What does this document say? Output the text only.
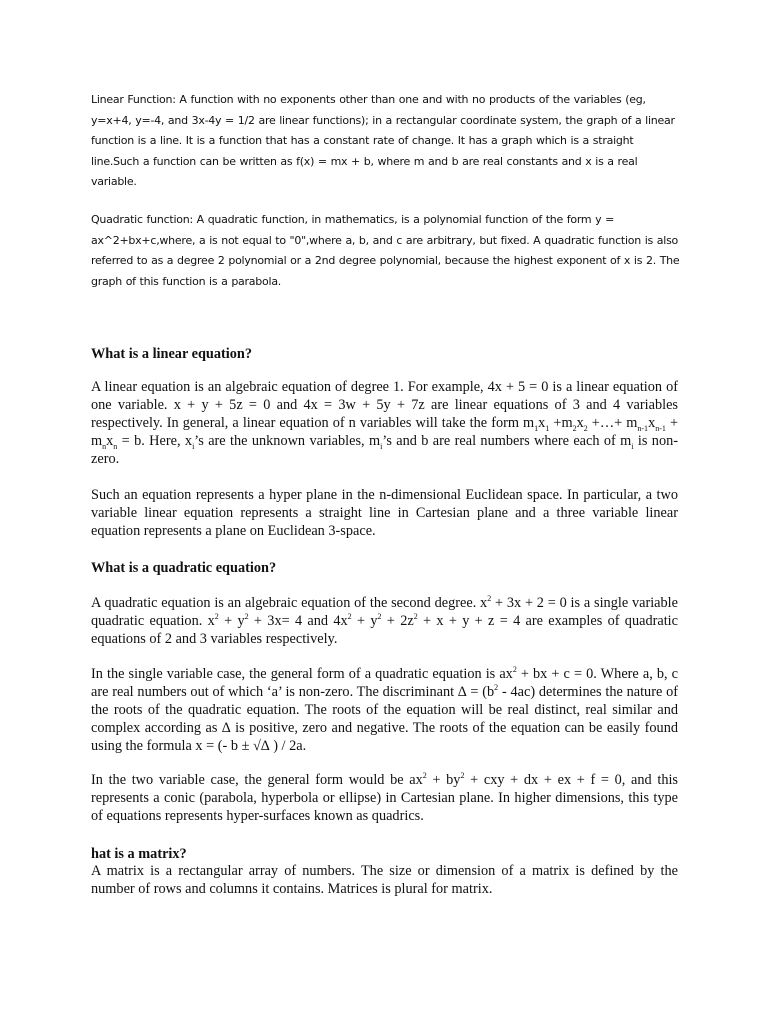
Linear Function: A function with no exponents other than one and with no products of the variables (eg, y=x+4, y=-4, and 3x-4y = 1/2 are linear functions); in a rectangular coordinate system, the graph of a linear function is a line. It is a function that has a constant rate of change. It has a graph which is a straight line.Such a function can be written as f(x) = mx + b, where m and b are real constants and x is a real variable.

Quadratic function: A quadratic function, in mathematics, is a polynomial function of the form y = ax^2+bx+c,where, a is not equal to "0",where a, b, and c are arbitrary, but fixed. A quadratic function is also referred to as a degree 2 polynomial or a 2nd degree polynomial, because the highest exponent of x is 2. The graph of this function is a parabola.

What is a linear equation?

A linear equation is an algebraic equation of degree 1. For example, 4x + 5 = 0 is a linear equation of one variable. x + y + 5z = 0 and 4x = 3w + 5y + 7z are linear equations of 3 and 4 variables respectively. In general, a linear equation of n variables will take the form $m_1x_1 +m_2x_2$ +…+ $m_{n-1}x_{n-1} + m_nx_n = b$. Here, $x_i’s$ are the unknown variables, $m_i’s$ and b are real numbers where each of $m_i$ is non-zero.

Such an equation represents a hyper plane in the n-dimensional Euclidean space. In particular, a two variable linear equation represents a straight line in Cartesian plane and a three variable linear equation represents a plane on Euclidean 3-space.

What is a quadratic equation?

A quadratic equation is an algebraic equation of the second degree. $x^2 + 3x + 2 = 0$ is a single variable quadratic equation. $x^2 + y^2 + 3x= 4$ and $4x^2 + y^2 + 2z^2 + x + y + z = 4$ are examples of quadratic equations of 2 and 3 variables respectively.

In the single variable case, the general form of a quadratic equation is $ax^2$ + bx + c = 0. Where a, b, c are real numbers out of which ‘a’ is non-zero. The discriminant ∆ = $(b^2 - 4ac)$ determines the nature of the roots of the quadratic equation. The roots of the equation will be real distinct, real similar and complex according as ∆ is positive, zero and negative. The roots of the equation can be easily found using the formula x = (- b ± √∆ ) / 2a.

In the two variable case, the general form would be $ax^2 + by^2$ + cxy + dx + ex + f = 0, and this represents a conic (parabola, hyperbola or ellipse) in Cartesian plane. In higher dimensions, this type of equations represents hyper-surfaces known as quadrics.

hat is a matrix?

A matrix is a rectangular array of numbers. The size or dimension of a matrix is defined by the number of rows and columns it contains. Matrices is plural for matrix.
